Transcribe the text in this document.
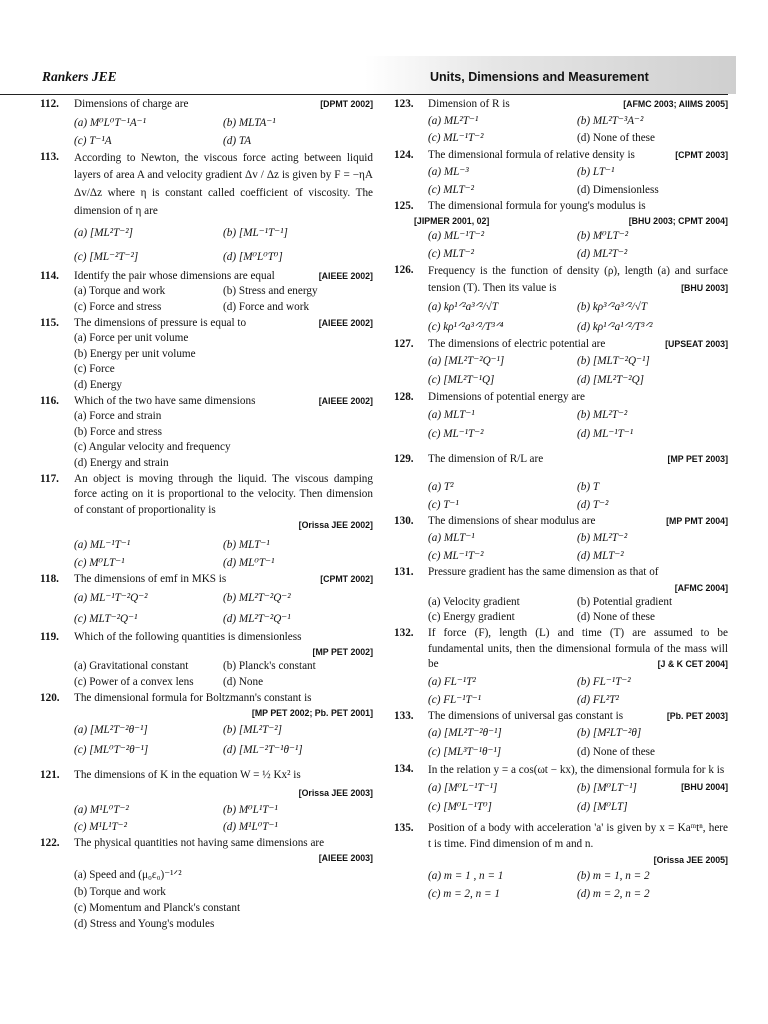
Rankers JEE	Units, Dimensions and Measurement
112.	[DPMT 2002]
Dimensions of charge are
(a) M⁰L⁰T⁻¹A⁻¹	(b) MLTA⁻¹
(c) T⁻¹A	(d) TA
113. According to Newton, the viscous force acting between liquid layers of area A and velocity gradient Δv / Δz is given by F = −ηA Δv/Δz where η is constant called coefficient of viscosity. The dimension of η are
(a) [ML²T⁻²]	(b) [ML⁻¹T⁻¹]
(c) [ML⁻²T⁻²]	(d) [M⁰L⁰T⁰]
114.	[AIEEE 2002]
Identify the pair whose dimensions are equal
(a) Torque and work	(b) Stress and energy
(c) Force and stress	(d) Force and work
115.	[AIEEE 2002]
The dimensions of pressure is equal to
(a) Force per unit volume
(b) Energy per unit volume
(c) Force
(d) Energy
116.	[AIEEE 2002]
Which of the two have same dimensions
(a) Force and strain
(b) Force and stress
(c) Angular velocity and frequency
(d) Energy and strain
117. An object is moving through the liquid. The viscous damping force acting on it is proportional to the velocity. Then dimension of constant of proportionality is
[Orissa JEE 2002]
(a) ML⁻¹T⁻¹	(b) MLT⁻¹
(c) M⁰LT⁻¹	(d) ML⁰T⁻¹
118.	[CPMT 2002]
The dimensions of emf in MKS is
(a) ML⁻¹T⁻²Q⁻²	(b) ML²T⁻²Q⁻²
(c) MLT⁻²Q⁻¹	(d) ML²T⁻²Q⁻¹
119. Which of the following quantities is dimensionless
[MP PET 2002]
(a) Gravitational constant	(b) Planck's constant
(c) Power of a convex lens	(d) None
120. The dimensional formula for Boltzmann's constant is
[MP PET 2002; Pb. PET 2001]
(a) [ML²T⁻²θ⁻¹]	(b) [ML²T⁻²]
(c) [ML⁰T⁻²θ⁻¹]	(d) [ML⁻²T⁻¹θ⁻¹]
121. The dimensions of K in the equation W = ½ Kx² is
[Orissa JEE 2003]
(a) M¹L⁰T⁻²	(b) M⁰L¹T⁻¹
(c) M¹L¹T⁻²	(d) M¹L⁰T⁻¹
122. The physical quantities not having same dimensions are
[AIEEE 2003]
(a) Speed and (μ₀ε₀)⁻¹ᐟ²
(b) Torque and work
(c) Momentum and Planck's constant
(d) Stress and Young's modules
123.	[AFMC 2003; AIIMS 2005]
Dimension of R is
(a) ML²T⁻¹	(b) ML²T⁻³A⁻²
(c) ML⁻¹T⁻²	(d) None of these
124.	[CPMT 2003]
The dimensional formula of relative density is
(a) ML⁻³	(b) LT⁻¹
(c) MLT⁻²	(d) Dimensionless
125. The dimensional formula for young's modulus is
[JIPMER 2001, 02]	[BHU 2003; CPMT 2004]

(a) ML⁻¹T⁻²	(b) M⁰LT⁻²
(c) MLT⁻²	(d) ML²T⁻²
126. Frequency is the function of density (ρ), length (a) and surface tension (T). Then its value is	[BHU 2003]
(a) kρ¹ᐟ²a³ᐟ²/√T	(b) kρ³ᐟ²a³ᐟ²/√T
(c) kρ¹ᐟ²a³ᐟ²/T³ᐟ⁴	(d) kρ¹ᐟ²a¹ᐟ²/T³ᐟ²
127.	[UPSEAT 2003]
The dimensions of electric potential are
(a) [ML²T⁻²Q⁻¹]	(b) [MLT⁻²Q⁻¹]
(c) [ML²T⁻¹Q]	(d) [ML²T⁻²Q]
128. Dimensions of potential energy are
(a) MLT⁻¹	(b) ML²T⁻²
(c) ML⁻¹T⁻²	(d) ML⁻¹T⁻¹
129.	[MP PET 2003]
The dimension of R/L are
(a) T²	(b) T
(c) T⁻¹	(d) T⁻²
130.	[MP PMT 2004]
The dimensions of shear modulus are
(a) MLT⁻¹	(b) ML²T⁻²
(c) ML⁻¹T⁻²	(d) MLT⁻²
131. Pressure gradient has the same dimension as that of
[AFMC 2004]
(a) Velocity gradient	(b) Potential gradient
(c) Energy gradient	(d) None of these
132. If force (F), length (L) and time (T) are assumed to be fundamental units, then the dimensional formula of the mass will be	[J & K CET 2004]
(a) FL⁻¹T²	(b) FL⁻¹T⁻²
(c) FL⁻¹T⁻¹	(d) FL²T²
133.	[Pb. PET 2003]
The dimensions of universal gas constant is
(a) [ML²T⁻²θ⁻¹]	(b) [M²LT⁻²θ]
(c) [ML³T⁻¹θ⁻¹]	(d) None of these
134. In the relation y = a cos(ωt − kx), the dimensional formula for k is
[BHU 2004]
(a) [M⁰L⁻¹T⁻¹]	(b) [M⁰LT⁻¹]
(c) [M⁰L⁻¹T⁰]	(d) [M⁰LT]
135. Position of a body with acceleration 'a' is given by x = Kaᵐtⁿ, here t is time. Find dimension of m and n.
[Orissa JEE 2005]
(a) m = 1 , n = 1	(b) m = 1, n = 2
(c) m = 2, n = 1	(d) m = 2, n = 2
